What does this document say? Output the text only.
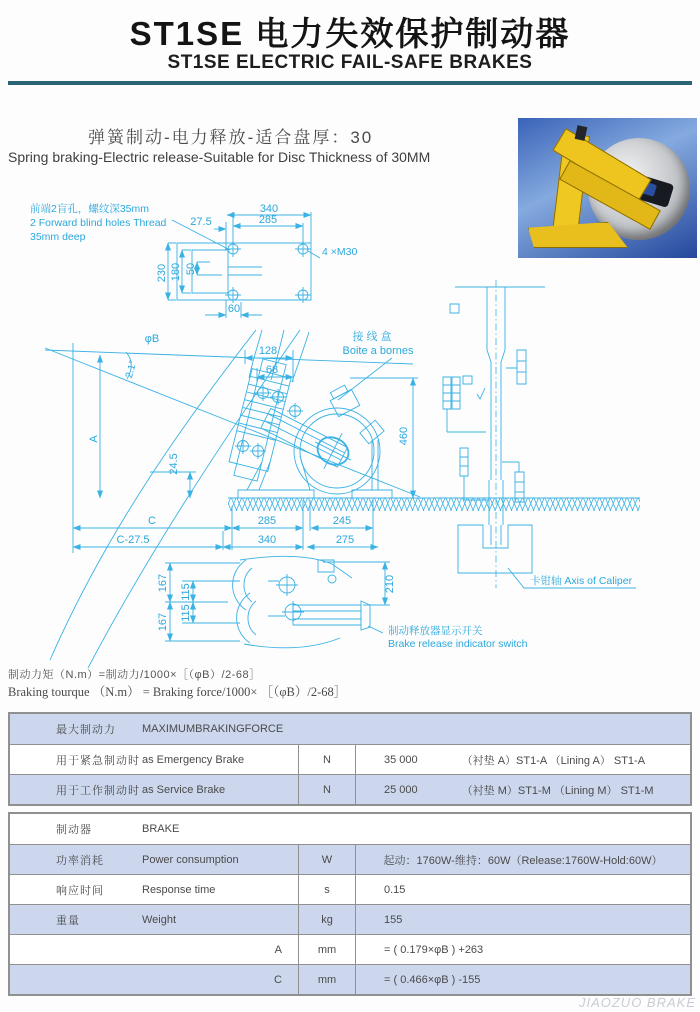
ST1SE 电力失效保护制动器
ST1SE ELECTRIC FAIL-SAFE BRAKES
弹簧制动-电力释放-适合盘厚：30
Spring braking-Electric release-Suitable for Disc Thickness of 30MM
前端2盲孔，螺纹深35mm
2 Forward blind holes Thread
35mm deep
340
285
27.5
4 ×M30
230 180 50
60
φB
2.1°
A
128
68
接 线 盒
Boite a bornes
460
24.5
C	285	245
C-27.5	340	275
卡钳轴 Axis of Caliper
167
167
115
115
210
制动释放器显示开关
Brake release indicator switch
制动力矩（N.m）=制动力/1000×［（φB）/2-68］
Braking tourque （N.m） = Braking force/1000× ［（φB）/2-68］
最大制动力 MAXIMUMBRAKINGFORCE
用于紧急制动时 as Emergency Brake	N	35 000	（衬垫 A）ST1-A （Lining A） ST1-A
用于工作制动时 as Service Brake	N	25 000	（衬垫 M）ST1-M （Lining M） ST1-M
制动器	BRAKE
功率消耗	Power consumption	W	起动：1760W-维持：60W（Release:1760W-Hold:60W）
响应时间	Response time	s	0.15
重量	Weight	kg	155
A	mm	= ( 0.179×φB ) +263
C	mm	= ( 0.466×φB ) -155
JIAOZUO BRAKE
